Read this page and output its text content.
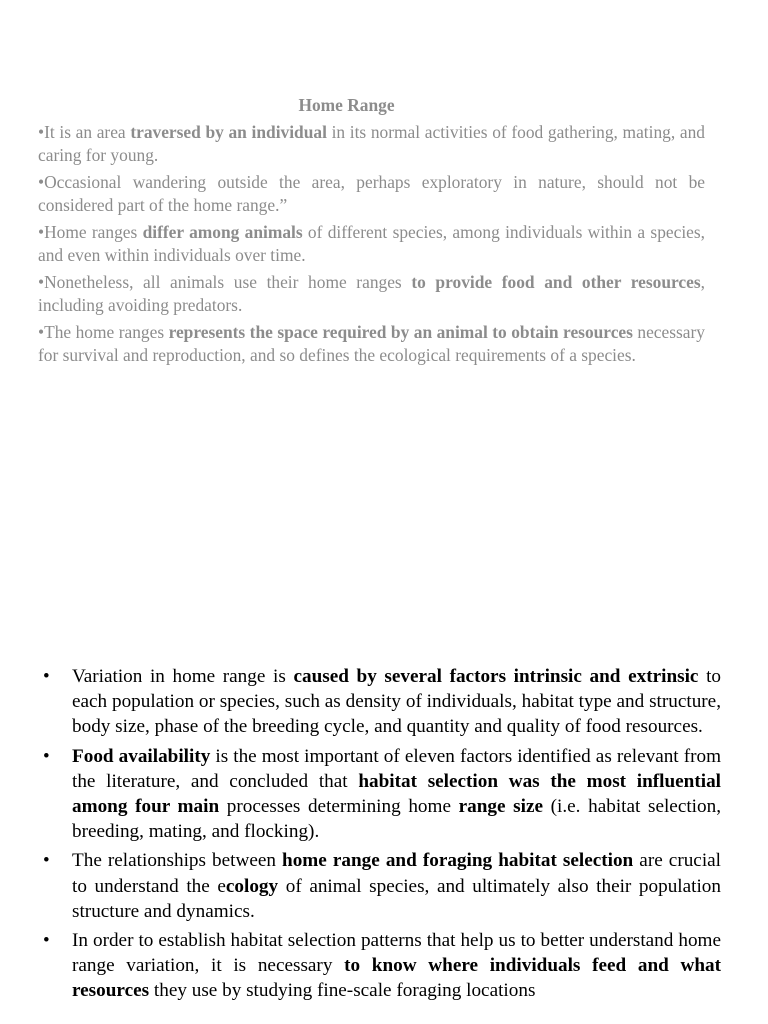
Home Range

•It is an area traversed by an individual in its normal activities of food gathering, mating, and caring for young.

•Occasional wandering outside the area, perhaps exploratory in nature, should not be considered part of the home range.”

•Home ranges differ among animals of different species, among individuals within a species, and even within individuals over time.

•Nonetheless, all animals use their home ranges to provide food and other resources, including avoiding predators.

•The home ranges represents the space required by an animal to obtain resources necessary for survival and reproduction, and so defines the ecological requirements of a species.

• Variation in home range is caused by several factors intrinsic and extrinsic to each population or species, such as density of individuals, habitat type and structure, body size, phase of the breeding cycle, and quantity and quality of food resources.
• Food availability is the most important of eleven factors identified as relevant from the literature, and concluded that habitat selection was the most influential among four main processes determining home range size (i.e. habitat selection, breeding, mating, and flocking).
• The relationships between home range and foraging habitat selection are crucial to understand the ecology of animal species, and ultimately also their population structure and dynamics.
• In order to establish habitat selection patterns that help us to better understand home range variation, it is necessary to know where individuals feed and what resources they use by studying fine-scale foraging locations
